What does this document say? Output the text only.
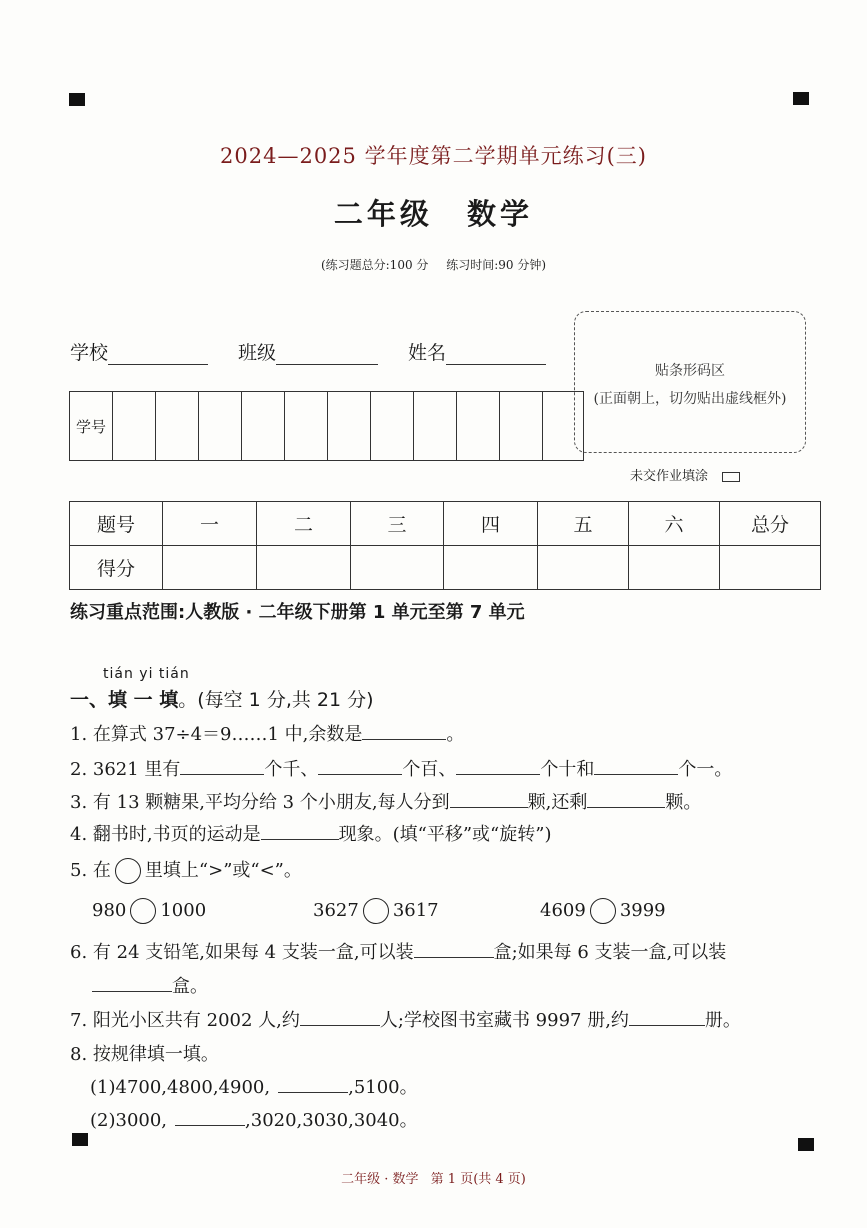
2024—2025 学年度第二学期单元练习(三)
二年级 数学
(练习题总分:100 分 练习时间:90 分钟)
学校	班级	姓名
学号											
贴条形码区
(正面朝上，切勿贴出虚线框外)
未交作业填涂
题号	一	二	三	四	五	六	总分
得分							
练习重点范围:人教版 · 二年级下册第 1 单元至第 7 单元
tián yi tián
一、填 一 填。(每空 1 分,共 21 分)
1. 在算式 37÷4＝9……1 中,余数是	。
2. 3621 里有	个千、	个百、	个十和	个一。
3. 有 13 颗糖果,平均分给 3 个小朋友,每人分到	颗,还剩	颗。
4. 翻书时,书页的运动是	现象。(填“平移”或“旋转”)
5. 在 里填上“>”或“<”。
980 1000	3627 3617	4609 3999
6. 有 24 支铅笔,如果每 4 支装一盒,可以装	盒;如果每 6 支装一盒,可以装
盒。
7. 阳光小区共有 2002 人,约	人;学校图书室藏书 9997 册,约	册。
8. 按规律填一填。
(1)4700,4800,4900,	,5100。
(2)3000,	,3020,3030,3040。
二年级 · 数学 第 1 页(共 4 页)
